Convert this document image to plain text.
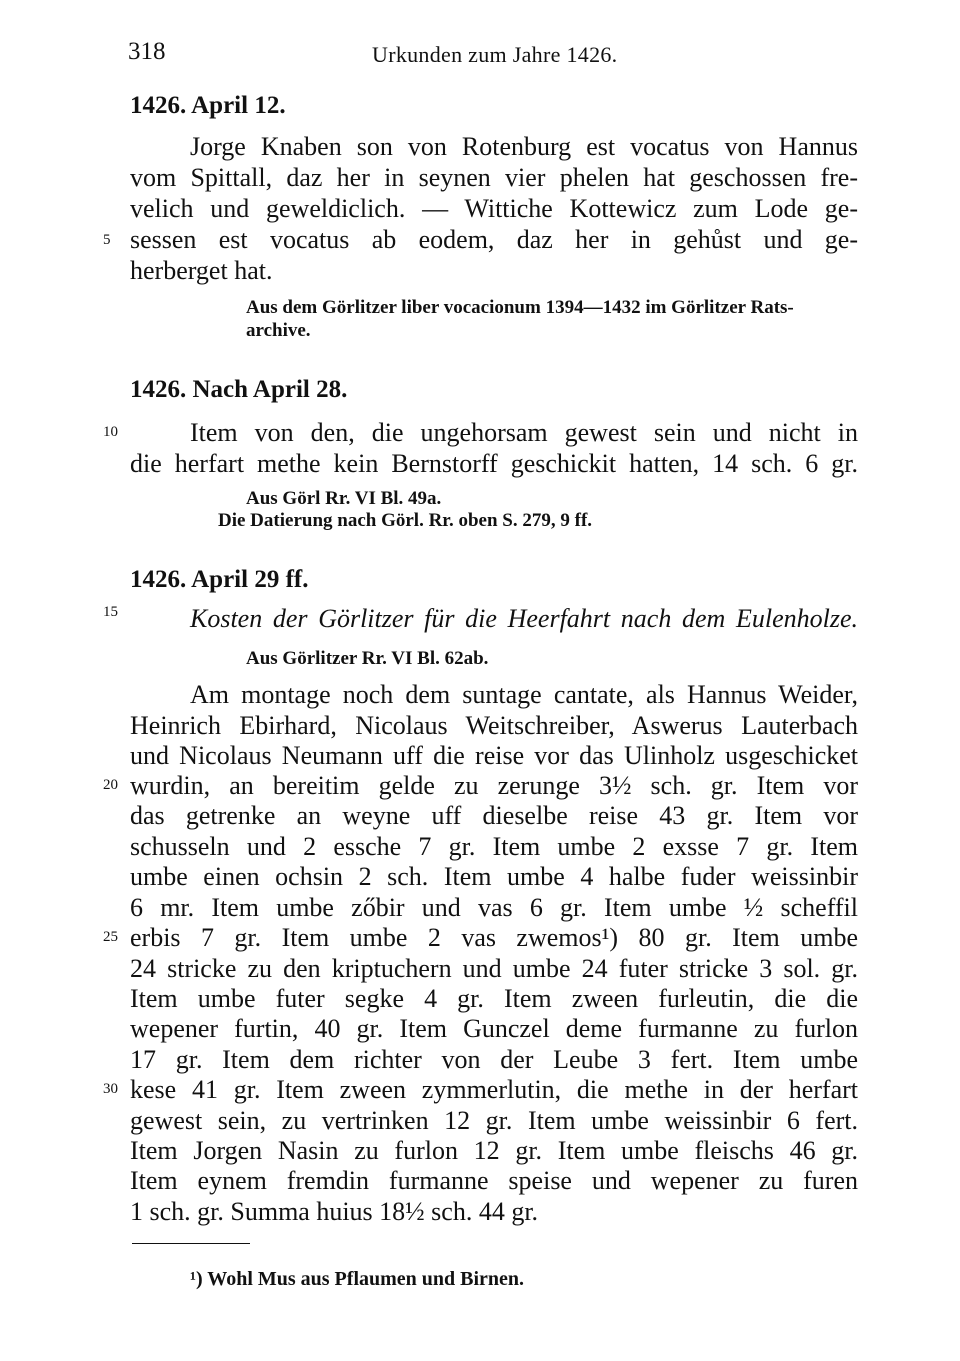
318	Urkunden zum Jahre 1426.
1426. April 12.
Jorge Knaben son von Rotenburg est vocatus von Hannus
vom Spittall, daz her in seynen vier phelen hat geschossen fre-
velich und geweldiclich. — Wittiche Kottewicz zum Lode ge-
5 sessen est vocatus ab eodem, daz her in gehůst und ge-
herberget hat.
Aus dem Görlitzer liber vocacionum 1394—1432 im Görlitzer Rats-
archive.
1426. Nach April 28.
10	Item von den, die ungehorsam gewest sein und nicht in
die herfart methe kein Bernstorff geschickit hatten, 14 sch. 6 gr.
Aus Görl Rr. VI Bl. 49a.
Die Datierung nach Görl. Rr. oben S. 279, 9 ff.
1426. April 29 ff.
15	Kosten der Görlitzer für die Heerfahrt nach dem Eulenholze.
Aus Görlitzer Rr. VI Bl. 62ab.
Am montage noch dem suntage cantate, als Hannus Weider,
Heinrich Ebirhard, Nicolaus Weitschreiber, Aswerus Lauterbach
und Nicolaus Neumann uff die reise vor das Ulinholz usgeschicket
20 wurdin, an bereitim gelde zu zerunge 3½ sch. gr. Item vor
das getrenke an weyne uff dieselbe reise 43 gr. Item vor
schusseln und 2 essche 7 gr. Item umbe 2 exsse 7 gr. Item
umbe einen ochsin 2 sch. Item umbe 4 halbe fuder weissinbir
6 mr. Item umbe zőbir und vas 6 gr. Item umbe ½ scheffil
25 erbis 7 gr. Item umbe 2 vas zwemos¹) 80 gr. Item umbe
24 stricke zu den kriptuchern und umbe 24 futer stricke 3 sol. gr.
Item umbe futer segke 4 gr. Item zween furleutin, die die
wepener furtin, 40 gr. Item Gunczel deme furmanne zu furlon
17 gr. Item dem richter von der Leube 3 fert. Item umbe
30 kese 41 gr. Item zween zymmerlutin, die methe in der herfart
gewest sein, zu vertrinken 12 gr. Item umbe weissinbir 6 fert.
Item Jorgen Nasin zu furlon 12 gr. Item umbe fleischs 46 gr.
Item eynem fremdin furmanne speise und wepener zu furen
1 sch. gr. Summa huius 18½ sch. 44 gr.
¹) Wohl Mus aus Pflaumen und Birnen.
